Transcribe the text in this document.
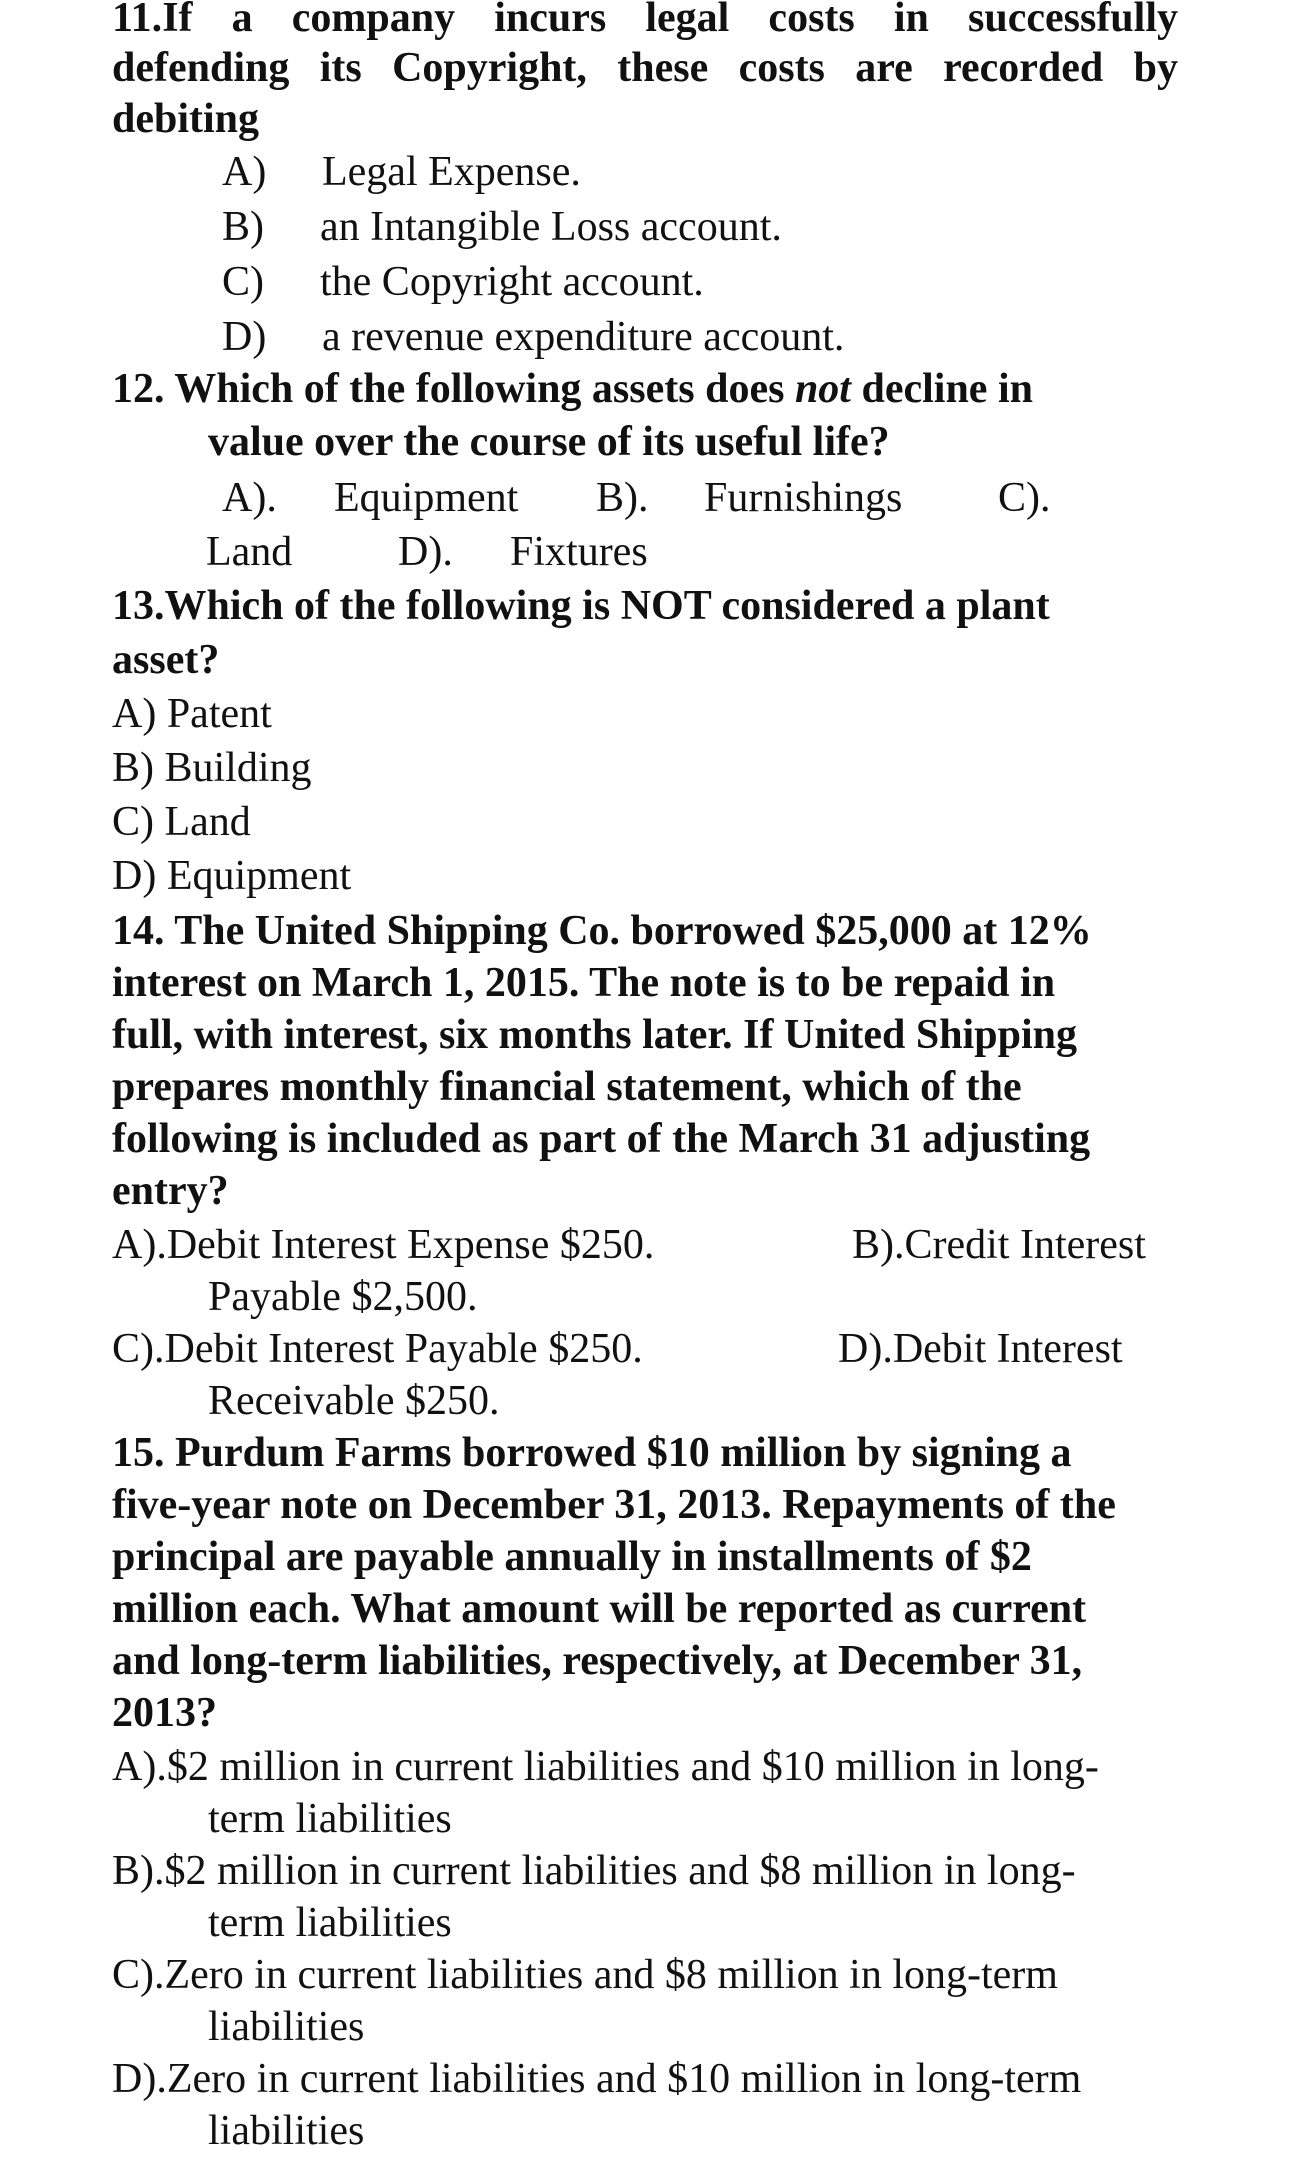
11.If a company incurs legal costs in successfully
defending its Copyright, these costs are recorded by
debiting
A) Legal Expense.
B) an Intangible Loss account.
C) the Copyright account.
D) a revenue expenditure account.
12. Which of the following assets does not decline in
value over the course of its useful life?
A). Equipment B). Furnishings C).
Land	D). Fixtures
13.Which of the following is NOT considered a plant
asset?
A) Patent
B) Building
C) Land
D) Equipment
14. The United Shipping Co. borrowed $25,000 at 12%
interest on March 1, 2015. The note is to be repaid in
full, with interest, six months later. If United Shipping
prepares monthly financial statement, which of the
following is included as part of the March 31 adjusting
entry?
A).Debit Interest Expense $250.	B).Credit Interest
Payable $2,500.
C).Debit Interest Payable $250.	D).Debit Interest
Receivable $250.
15. Purdum Farms borrowed $10 million by signing a
five-year note on December 31, 2013. Repayments of the
principal are payable annually in installments of $2
million each. What amount will be reported as current
and long-term liabilities, respectively, at December 31,
2013?
A).$2 million in current liabilities and $10 million in long-
term liabilities
B).$2 million in current liabilities and $8 million in long-
term liabilities
C).Zero in current liabilities and $8 million in long-term
liabilities
D).Zero in current liabilities and $10 million in long-term
liabilities
